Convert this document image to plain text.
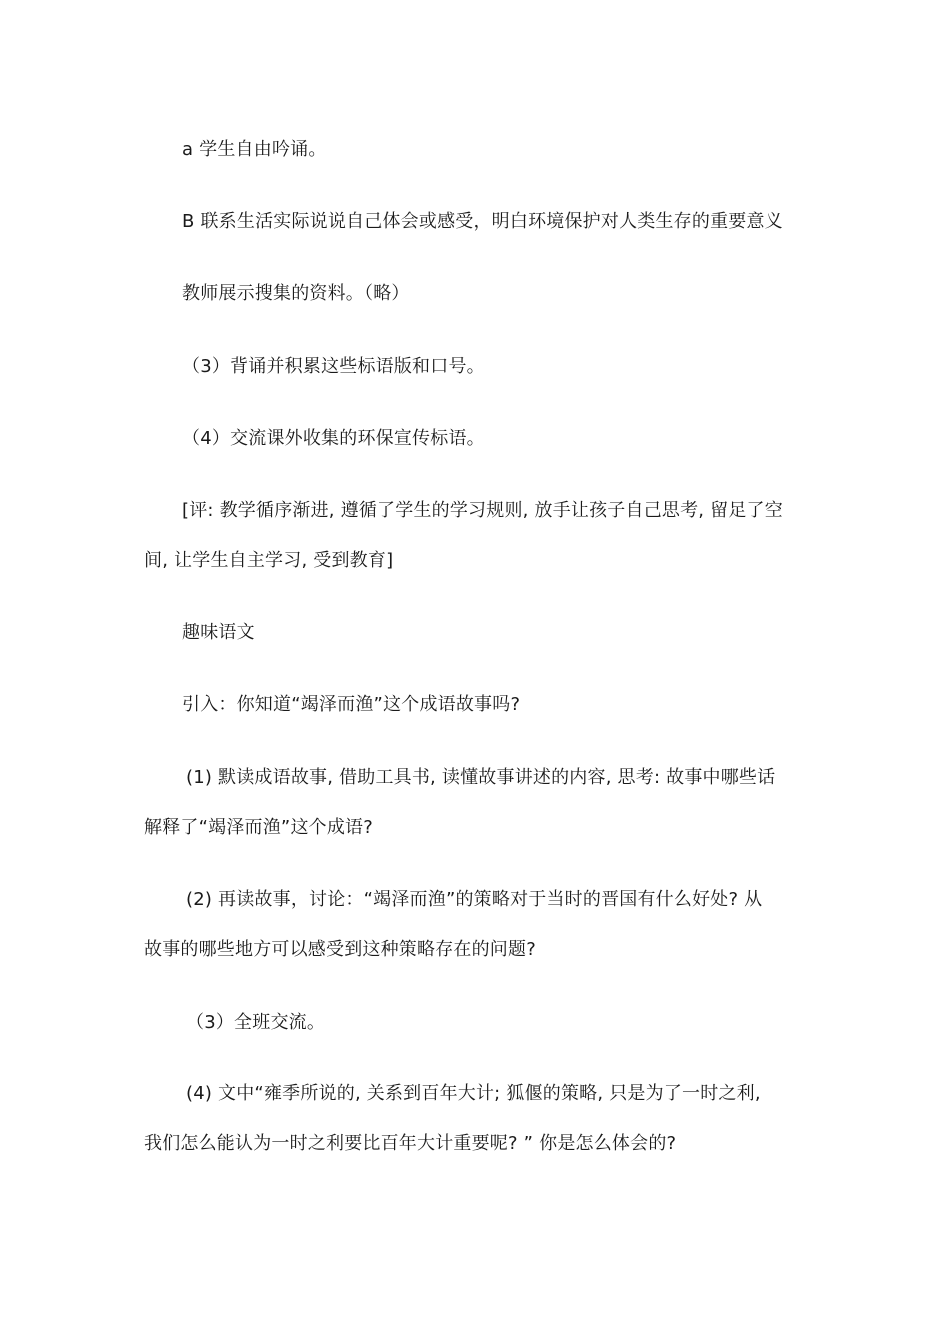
a 学生自由吟诵。
B 联系生活实际说说自己体会或感受，明白环境保护对人类生存的重要意义
教师展示搜集的资料。（略）
（3）背诵并积累这些标语版和口号。
（4）交流课外收集的环保宣传标语。
[评: 教学循序渐进, 遵循了学生的学习规则, 放手让孩子自己思考, 留足了空
间, 让学生自主学习, 受到教育]
趣味语文
引入：你知道“竭泽而渔”这个成语故事吗?
(1) 默读成语故事, 借助工具书, 读懂故事讲述的内容, 思考: 故事中哪些话
解释了“竭泽而渔”这个成语?
(2) 再读故事，讨论：“竭泽而渔”的策略对于当时的晋国有什么好处? 从
故事的哪些地方可以感受到这种策略存在的问题?
（3）全班交流。
(4) 文中“雍季所说的, 关系到百年大计; 狐偃的策略, 只是为了一时之利,
我们怎么能认为一时之利要比百年大计重要呢? ” 你是怎么体会的?
